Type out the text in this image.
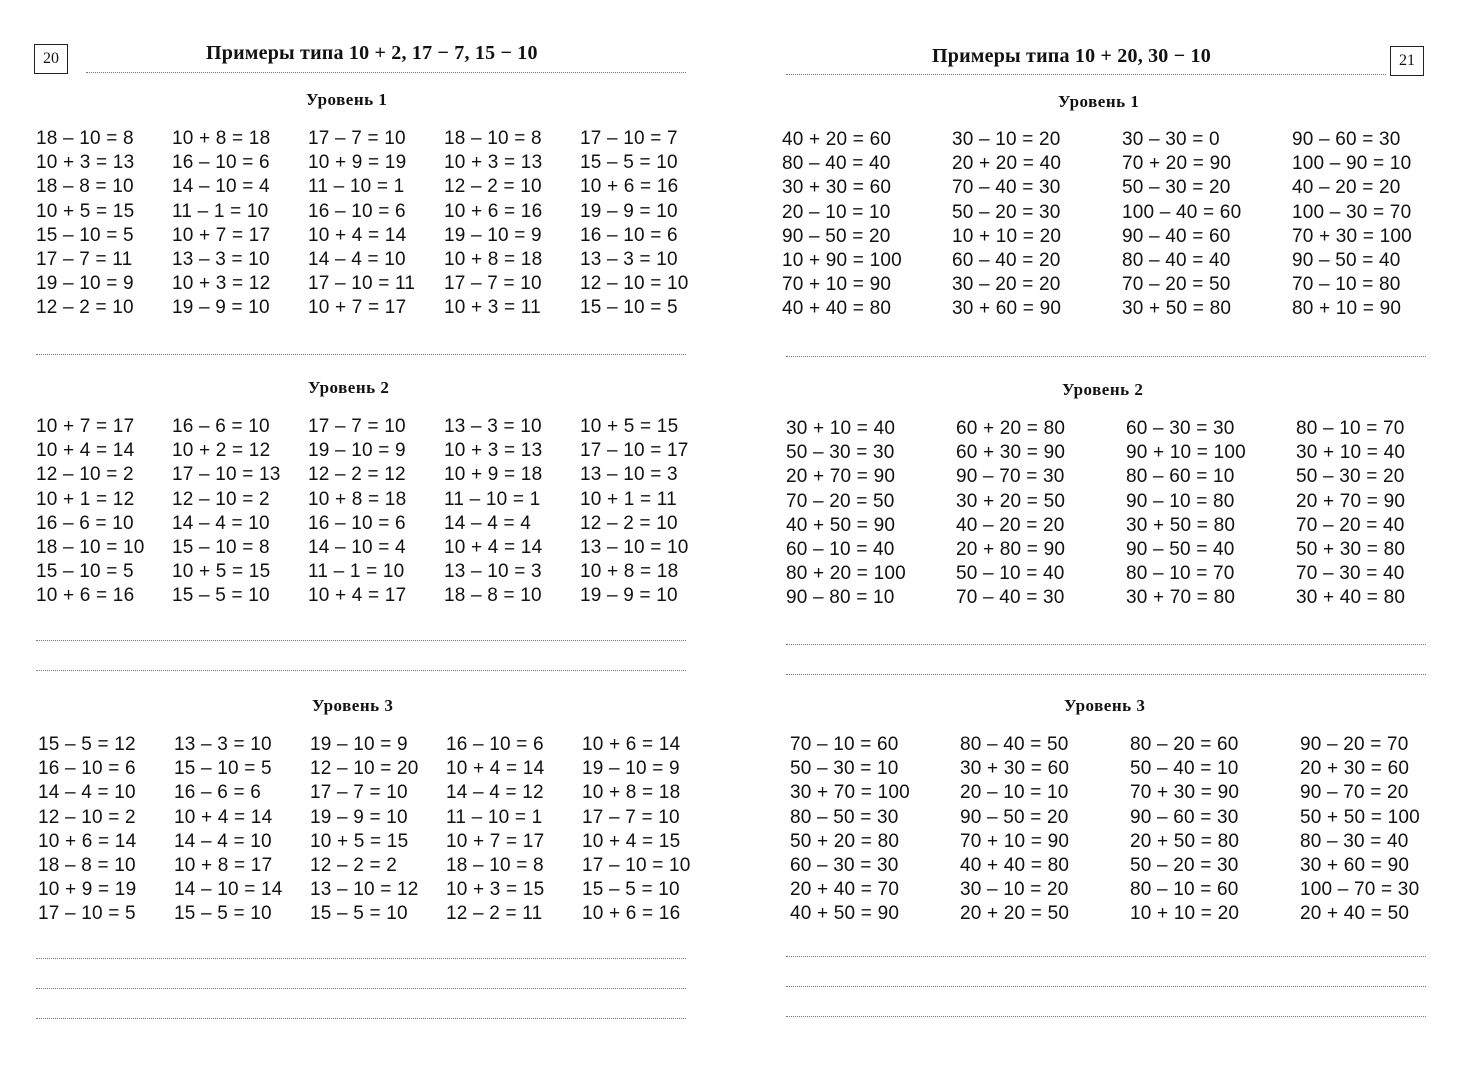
20	Примеры типа 10 + 2, 17 − 7, 15 − 10
Уровень 1
18 – 10 = 8
10 + 3 = 13
18 – 8 = 10
10 + 5 = 15
15 – 10 = 5
17 – 7 = 11
19 – 10 = 9
12 – 2 = 10
10 + 8 = 18
16 – 10 = 6
14 – 10 = 4
11 – 1 = 10
10 + 7 = 17
13 – 3 = 10
10 + 3 = 12
19 – 9 = 10
17 – 7 = 10
10 + 9 = 19
11 – 10 = 1
16 – 10 = 6
10 + 4 = 14
14 – 4 = 10
17 – 10 = 11
10 + 7 = 17
18 – 10 = 8
10 + 3 = 13
12 – 2 = 10
10 + 6 = 16
19 – 10 = 9
10 + 8 = 18
17 – 7 = 10
10 + 3 = 11
17 – 10 = 7
15 – 5 = 10
10 + 6 = 16
19 – 9 = 10
16 – 10 = 6
13 – 3 = 10
12 – 10 = 10
15 – 10 = 5
Уровень 2
10 + 7 = 17
10 + 4 = 14
12 – 10 = 2
10 + 1 = 12
16 – 6 = 10
18 – 10 = 10
15 – 10 = 5
10 + 6 = 16
16 – 6 = 10
10 + 2 = 12
17 – 10 = 13
12 – 10 = 2
14 – 4 = 10
15 – 10 = 8
10 + 5 = 15
15 – 5 = 10
17 – 7 = 10
19 – 10 = 9
12 – 2 = 12
10 + 8 = 18
16 – 10 = 6
14 – 10 = 4
11 – 1 = 10
10 + 4 = 17
13 – 3 = 10
10 + 3 = 13
10 + 9 = 18
11 – 10 = 1
14 – 4 = 4
10 + 4 = 14
13 – 10 = 3
18 – 8 = 10
10 + 5 = 15
17 – 10 = 17
13 – 10 = 3
10 + 1 = 11
12 – 2 = 10
13 – 10 = 10
10 + 8 = 18
19 – 9 = 10
Уровень 3
15 – 5 = 12
16 – 10 = 6
14 – 4 = 10
12 – 10 = 2
10 + 6 = 14
18 – 8 = 10
10 + 9 = 19
17 – 10 = 5
13 – 3 = 10
15 – 10 = 5
16 – 6 = 6
10 + 4 = 14
14 – 4 = 10
10 + 8 = 17
14 – 10 = 14
15 – 5 = 10
19 – 10 = 9
12 – 10 = 20
17 – 7 = 10
19 – 9 = 10
10 + 5 = 15
12 – 2 = 2
13 – 10 = 12
15 – 5 = 10
16 – 10 = 6
10 + 4 = 14
14 – 4 = 12
11 – 10 = 1
10 + 7 = 17
18 – 10 = 8
10 + 3 = 15
12 – 2 = 11
10 + 6 = 14
19 – 10 = 9
10 + 8 = 18
17 – 7 = 10
10 + 4 = 15
17 – 10 = 10
15 – 5 = 10
10 + 6 = 16
Примеры типа 10 + 20, 30 − 10	21
Уровень 1
40 + 20 = 60
80 – 40 = 40
30 + 30 = 60
20 – 10 = 10
90 – 50 = 20
10 + 90 = 100
70 + 10 = 90
40 + 40 = 80
30 – 10 = 20
20 + 20 = 40
70 – 40 = 30
50 – 20 = 30
10 + 10 = 20
60 – 40 = 20
30 – 20 = 20
30 + 60 = 90
30 – 30 = 0
70 + 20 = 90
50 – 30 = 20
100 – 40 = 60
90 – 40 = 60
80 – 40 = 40
70 – 20 = 50
30 + 50 = 80
90 – 60 = 30
100 – 90 = 10
40 – 20 = 20
100 – 30 = 70
70 + 30 = 100
90 – 50 = 40
70 – 10 = 80
80 + 10 = 90
Уровень 2
30 + 10 = 40
50 – 30 = 30
20 + 70 = 90
70 – 20 = 50
40 + 50 = 90
60 – 10 = 40
80 + 20 = 100
90 – 80 = 10
60 + 20 = 80
60 + 30 = 90
90 – 70 = 30
30 + 20 = 50
40 – 20 = 20
20 + 80 = 90
50 – 10 = 40
70 – 40 = 30
60 – 30 = 30
90 + 10 = 100
80 – 60 = 10
90 – 10 = 80
30 + 50 = 80
90 – 50 = 40
80 – 10 = 70
30 + 70 = 80
80 – 10 = 70
30 + 10 = 40
50 – 30 = 20
20 + 70 = 90
70 – 20 = 40
50 + 30 = 80
70 – 30 = 40
30 + 40 = 80
Уровень 3
70 – 10 = 60
50 – 30 = 10
30 + 70 = 100
80 – 50 = 30
50 + 20 = 80
60 – 30 = 30
20 + 40 = 70
40 + 50 = 90
80 – 40 = 50
30 + 30 = 60
20 – 10 = 10
90 – 50 = 20
70 + 10 = 90
40 + 40 = 80
30 – 10 = 20
20 + 20 = 50
80 – 20 = 60
50 – 40 = 10
70 + 30 = 90
90 – 60 = 30
20 + 50 = 80
50 – 20 = 30
80 – 10 = 60
10 + 10 = 20
90 – 20 = 70
20 + 30 = 60
90 – 70 = 20
50 + 50 = 100
80 – 30 = 40
30 + 60 = 90
100 – 70 = 30
20 + 40 = 50
